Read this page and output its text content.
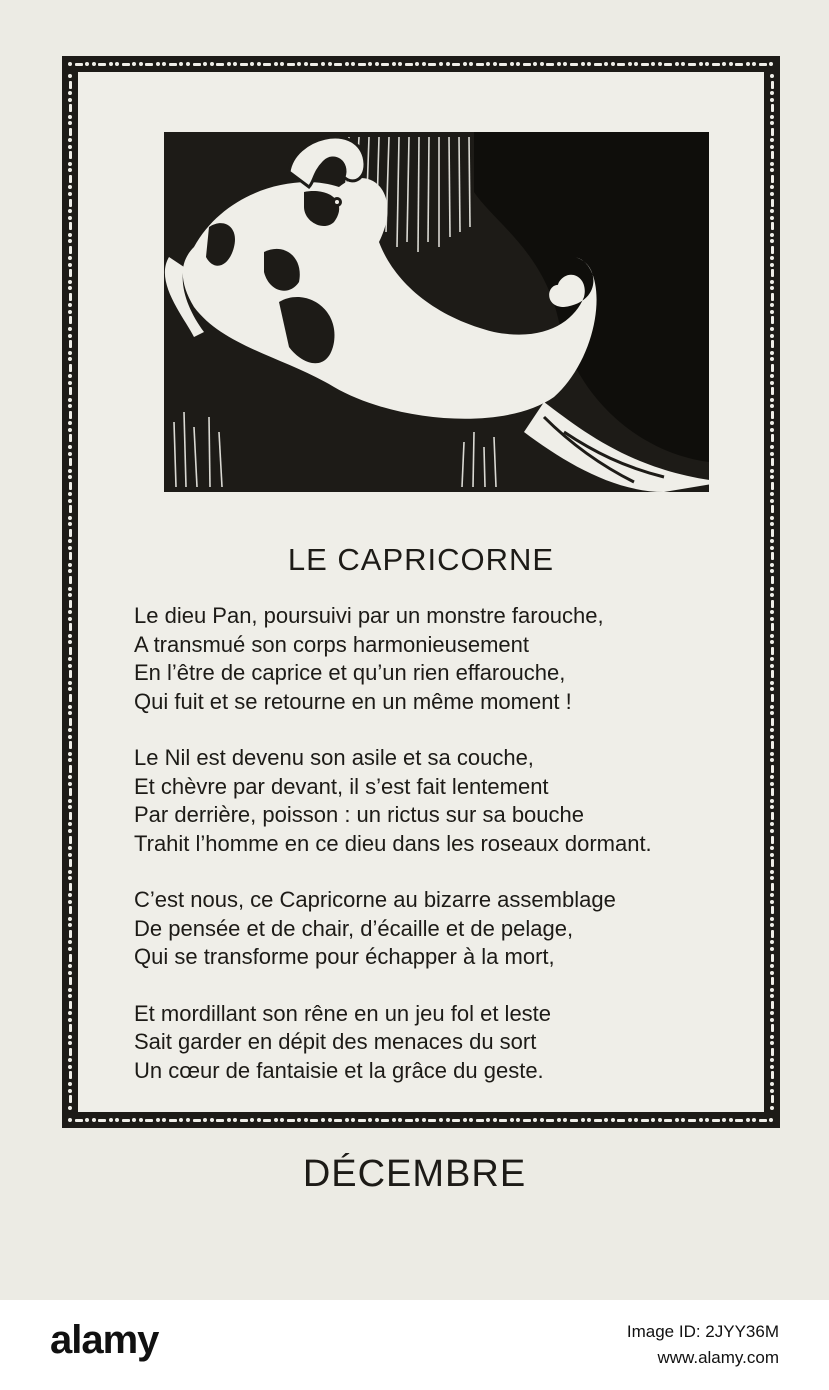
LE CAPRICORNE
Le dieu Pan, poursuivi par un monstre farouche,
A transmué son corps harmonieusement
En l’être de caprice et qu’un rien effarouche,
Qui fuit et se retourne en un même moment !
Le Nil est devenu son asile et sa couche,
Et chèvre par devant, il s’est fait lentement
Par derrière, poisson : un rictus sur sa bouche
Trahit l’homme en ce dieu dans les roseaux dormant.
C’est nous, ce Capricorne au bizarre assemblage
De pensée et de chair, d’écaille et de pelage,
Qui se transforme pour échapper à la mort,
Et mordillant son rêne en un jeu fol et leste
Sait garder en dépit des menaces du sort
Un cœur de fantaisie et la grâce du geste.
DÉCEMBRE
alamy	Image ID: 2JYY36M
www.alamy.com
